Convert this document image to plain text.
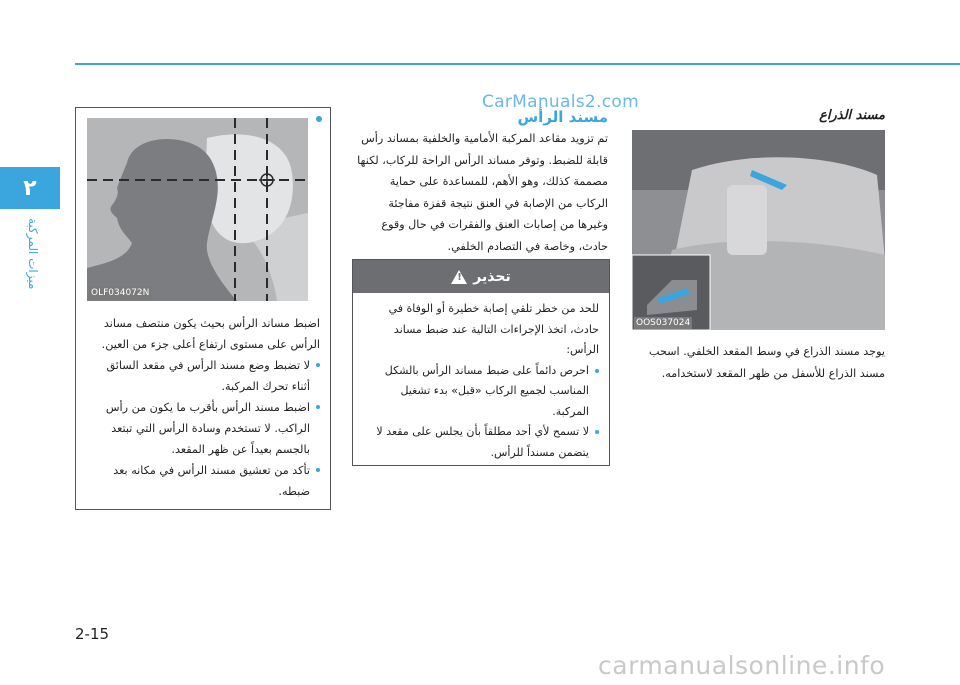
٢
ميزات المركبة
CarManuals2.com
OLF034072N

اضبط مساند الرأس بحيث يكون منتصف مساند الرأس على مستوى ارتفاع أعلى جزء من العين.

لا تضبط وضع مسند الرأس في مقعد السائق أثناء تحرك المركبة.
اضبط مسند الرأس بأقرب ما يكون من رأس الراكب. لا تستخدم وسادة الرأس التي تبتعد بالجسم بعيداً عن ظهر المقعد.
تأكد من تعشيق مسند الرأس في مكانه بعد ضبطه.
مسند الرأس
تم تزويد مقاعد المركبة الأمامية والخلفية بمساند رأس قابلة للضبط. وتوفر مساند الرأس الراحة للركاب، لكنها مصممة كذلك، وهو الأهم، للمساعدة على حماية الركاب من الإصابة في العنق نتيجة قفزة مفاجئة وغيرها من إصابات العنق والفقرات في حال وقوع حادث، وخاصة في التصادم الخلفي.
تحذير
!

للحد من خطر تلقي إصابة خطيرة أو الوفاة في حادث، اتخذ الإجراءات التالية عند ضبط مساند الرأس:

احرص دائماً على ضبط مساند الرأس بالشكل المناسب لجميع الركاب «قبل» بدء تشغيل المركبة.
لا تسمح لأي أحد مطلقاً بأن يجلس على مقعد لا يتضمن مسنداً للرأس.
مسند الذراع
OOS037024
يوجد مسند الذراع في وسط المقعد الخلفي. اسحب مسند الذراع للأسفل من ظهر المقعد لاستخدامه.
2-15
carmanualsonline.info
